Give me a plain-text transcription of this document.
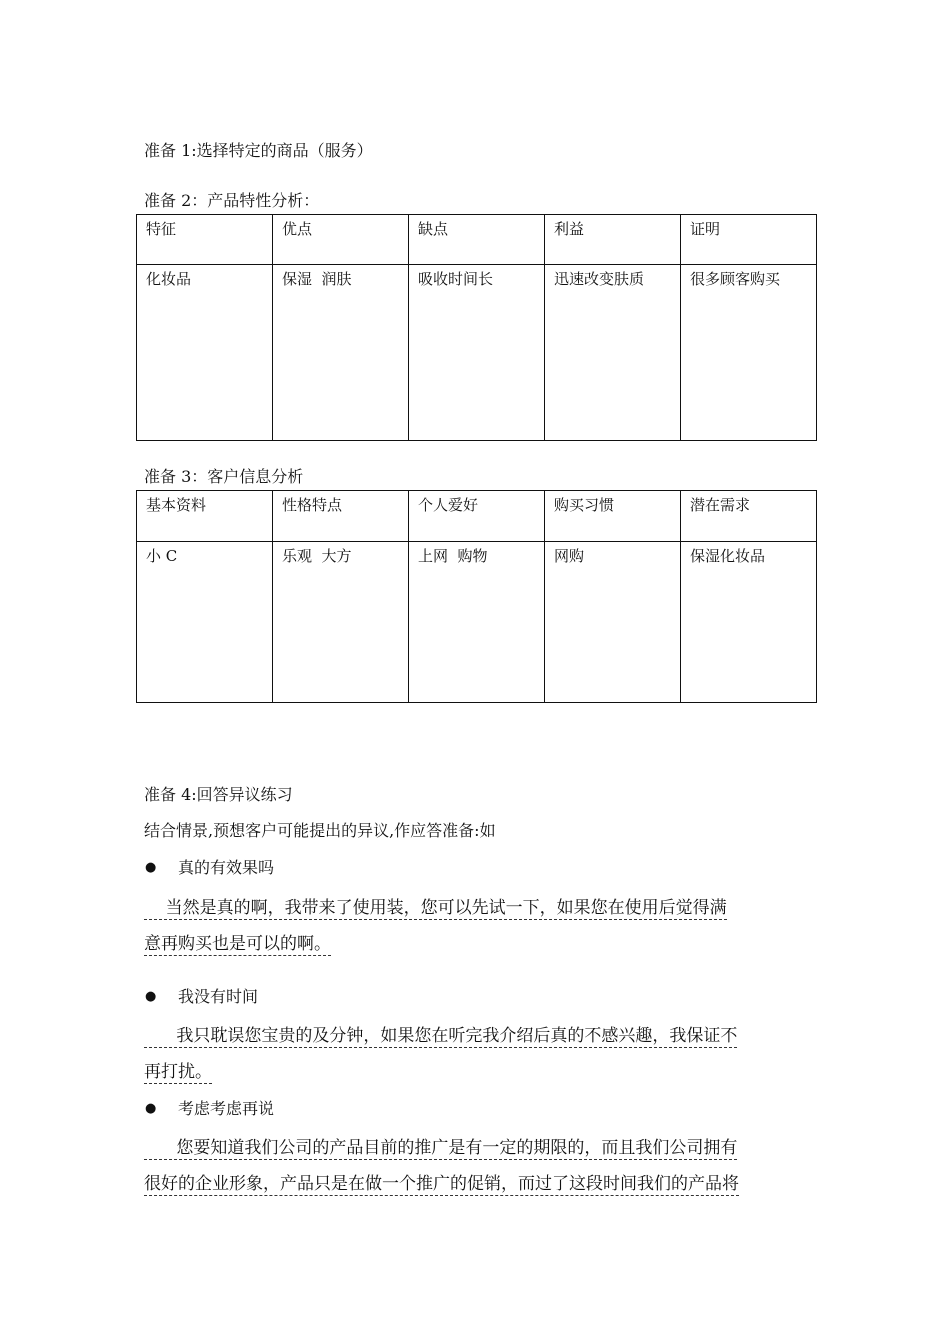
准备 1:选择特定的商品（服务）
准备 2：产品特性分析：
特征	优点	缺点	利益	证明
化妆品	保湿  润肤	吸收时间长	迅速改变肤质	很多顾客购买
准备 3：客户信息分析
基本资料	性格特点	个人爱好	购买习惯	潜在需求
小 C	乐观  大方	上网  购物	网购	保湿化妆品
准备 4:回答异议练习
结合情景,预想客户可能提出的异议,作应答准备:如
● 真的有效果吗
当然是真的啊，我带来了使用装，您可以先试一下，如果您在使用后觉得满
意再购买也是可以的啊。
● 我没有时间
我只耽误您宝贵的及分钟，如果您在听完我介绍后真的不感兴趣，我保证不
再打扰。
● 考虑考虑再说
您要知道我们公司的产品目前的推广是有一定的期限的，而且我们公司拥有
很好的企业形象，产品只是在做一个推广的促销，而过了这段时间我们的产品将
